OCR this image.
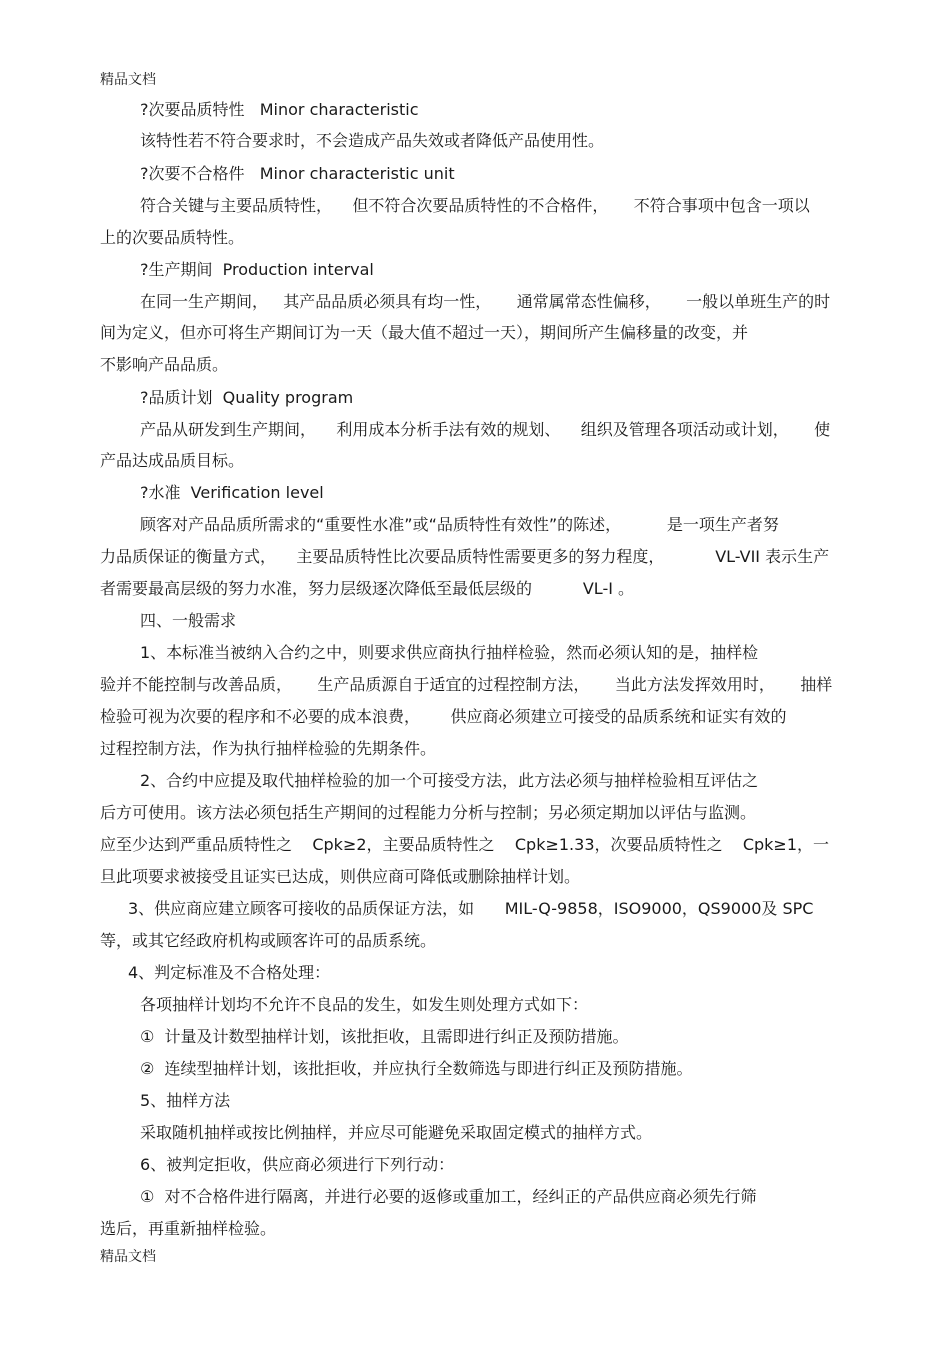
精品文档
?次要品质特性   Minor characteristic
该特性若不符合要求时，不会造成产品失效或者降低产品使用性。
?次要不合格件   Minor characteristic unit
符合关键与主要品质特性，    但不符合次要品质特性的不合格件，     不符合事项中包含一项以
上的次要品质特性。
?生产期间  Production interval
在同一生产期间，   其产品品质必须具有均一性，     通常属常态性偏移，     一般以单班生产的时
间为定义，但亦可将生产期间订为一天（最大值不超过一天），期间所产生偏移量的改变，并
不影响产品品质。
?品质计划  Quality program
产品从研发到生产期间，    利用成本分析手法有效的规划、    组织及管理各项活动或计划，     使
产品达成品质目标。
?水准  Verification level
顾客对产品品质所需求的“重要性水准”或“品质特性有效性”的陈述，         是一项生产者努
力品质保证的衡量方式，    主要品质特性比次要品质特性需要更多的努力程度，          VL-VII 表示生产
者需要最高层级的努力水准，努力层级逐次降低至最低层级的          VL-I 。
四、一般需求
1、本标准当被纳入合约之中，则要求供应商执行抽样检验，然而必须认知的是，抽样检
验并不能控制与改善品质，     生产品质源自于适宜的过程控制方法，     当此方法发挥效用时，     抽样
检验可视为次要的程序和不必要的成本浪费，      供应商必须建立可接受的品质系统和证实有效的
过程控制方法，作为执行抽样检验的先期条件。
2、合约中应提及取代抽样检验的加一个可接受方法，此方法必须与抽样检验相互评估之
后方可使用。该方法必须包括生产期间的过程能力分析与控制；另必须定期加以评估与监测。
应至少达到严重品质特性之    Cpk≥2，主要品质特性之    Cpk≥1.33，次要品质特性之    Cpk≥1，一
旦此项要求被接受且证实已达成，则供应商可降低或删除抽样计划。
3、供应商应建立顾客可接收的品质保证方法，如      MIL-Q-9858，ISO9000，QS9000及 SPC
等，或其它经政府机构或顾客许可的品质系统。
4、判定标准及不合格处理：
各项抽样计划均不允许不良品的发生，如发生则处理方式如下：
①  计量及计数型抽样计划，该批拒收，且需即进行纠正及预防措施。
②  连续型抽样计划，该批拒收，并应执行全数筛选与即进行纠正及预防措施。
5、抽样方法
采取随机抽样或按比例抽样，并应尽可能避免采取固定模式的抽样方式。
6、被判定拒收，供应商必须进行下列行动：
①  对不合格件进行隔离，并进行必要的返修或重加工，经纠正的产品供应商必须先行筛
选后，再重新抽样检验。
精品文档
